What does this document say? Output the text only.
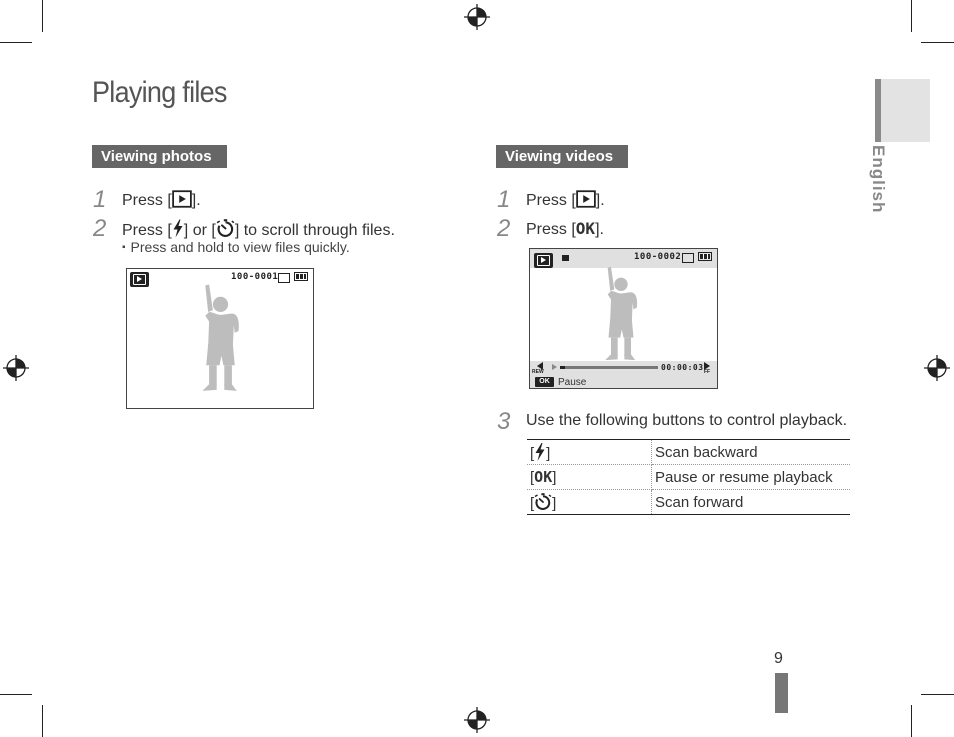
Playing files
English
9
Viewing photos
1 Press [ ].
2 Press [ ] or [ ] to scroll through files.
▪ Press and hold to view files quickly.
100-0001
Viewing videos
1 Press [ ].
2 Press [OK].
100-0002
REW	00:00:03 FF
OK Pause
3 Use the following buttons to control playback.
[ ]	Scan backward
[OK]	Pause or resume playback
[ ]	Scan forward
